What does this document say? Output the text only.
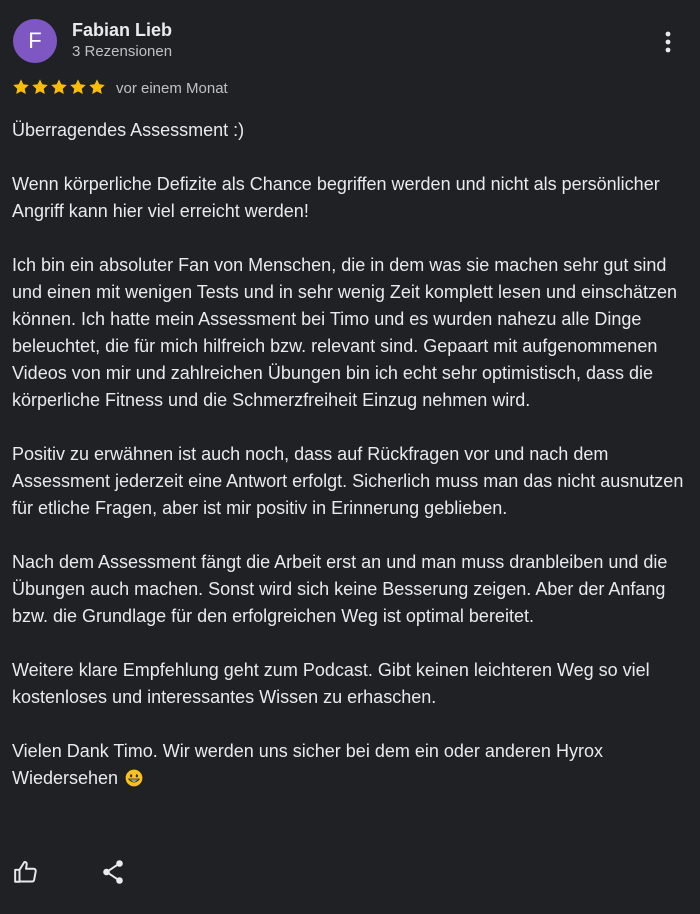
F	Fabian Lieb
3 Rezensionen
vor einem Monat

Überragendes Assessment :)

Wenn körperliche Defizite als Chance begriffen werden und nicht als persönlicher Angriff kann hier viel erreicht werden!

Ich bin ein absoluter Fan von Menschen, die in dem was sie machen sehr gut sind und einen mit wenigen Tests und in sehr wenig Zeit komplett lesen und einschätzen können. Ich hatte mein Assessment bei Timo und es wurden nahezu alle Dinge beleuchtet, die für mich hilfreich bzw. relevant sind. Gepaart mit aufgenommenen Videos von mir und zahlreichen Übungen bin ich echt sehr optimistisch, dass die körperliche Fitness und die Schmerzfreiheit Einzug nehmen wird.

Positiv zu erwähnen ist auch noch, dass auf Rückfragen vor und nach dem Assessment jederzeit eine Antwort erfolgt. Sicherlich muss man das nicht ausnutzen für etliche Fragen, aber ist mir positiv in Erinnerung geblieben.

Nach dem Assessment fängt die Arbeit erst an und man muss dranbleiben und die Übungen auch machen. Sonst wird sich keine Besserung zeigen. Aber der Anfang bzw. die Grundlage für den erfolgreichen Weg ist optimal bereitet.

Weitere klare Empfehlung geht zum Podcast. Gibt keinen leichteren Weg so viel kostenloses und interessantes Wissen zu erhaschen.

Vielen Dank Timo. Wir werden uns sicher bei dem ein oder anderen Hyrox Wiedersehen
